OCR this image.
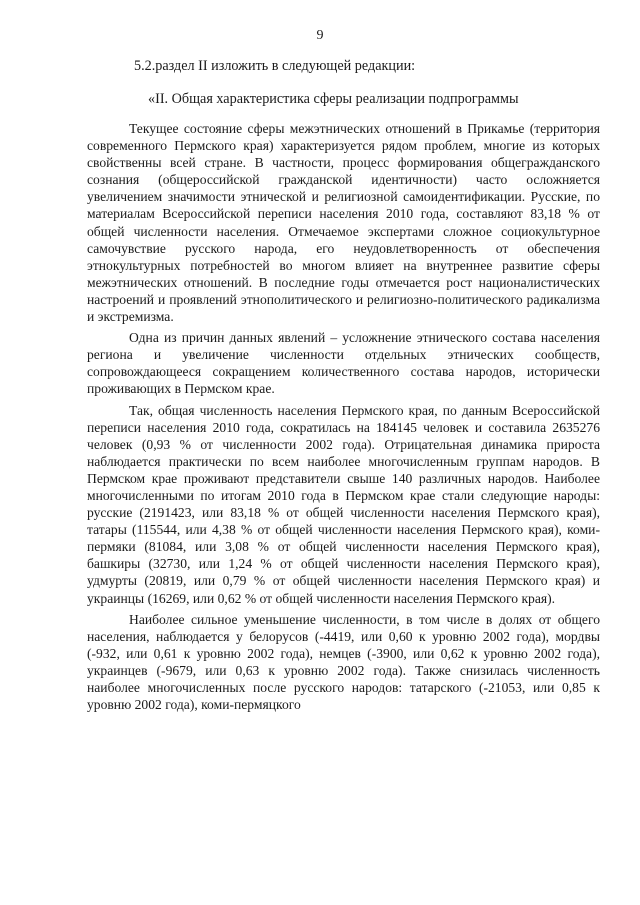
9
5.2.раздел II изложить в следующей редакции:
«II. Общая характеристика сферы реализации подпрограммы

Текущее состояние сферы межэтнических отношений в Прикамье (территория современного Пермского края) характеризуется рядом проблем, многие из которых свойственны всей стране. В частности, процесс формирования общегражданского сознания (общероссийской гражданской идентичности) часто осложняется увеличением значимости этнической и религиозной самоидентификации. Русские, по материалам Всероссийской переписи населения 2010 года, составляют 83,18 % от общей численности населения. Отмечаемое экспертами сложное социокультурное самочувствие русского народа, его неудовлетворенность от обеспечения этнокультурных потребностей во многом влияет на внутреннее развитие сферы межэтнических отношений. В последние годы отмечается рост националистических настроений и проявлений этнополитического и религиозно-политического радикализма и экстремизма.

Одна из причин данных явлений – усложнение этнического состава населения региона и увеличение численности отдельных этнических сообществ, сопровождающееся сокращением количественного состава народов, исторически проживающих в Пермском крае.

Так, общая численность населения Пермского края, по данным Всероссийской переписи населения 2010 года, сократилась на 184145 человек и составила 2635276 человек (0,93 % от численности 2002 года). Отрицательная динамика прироста наблюдается практически по всем наиболее многочисленным группам народов. В Пермском крае проживают представители свыше 140 различных народов. Наиболее многочисленными по итогам 2010 года в Пермском крае стали следующие народы: русские (2191423, или 83,18 % от общей численности населения Пермского края), татары (115544, или 4,38 % от общей численности населения Пермского края), коми-пермяки (81084, или 3,08 % от общей численности населения Пермского края), башкиры (32730, или 1,24 % от общей численности населения Пермского края), удмурты (20819, или 0,79 % от общей численности населения Пермского края) и украинцы (16269, или 0,62 % от общей численности населения Пермского края).

Наиболее сильное уменьшение численности, в том числе в долях от общего населения, наблюдается у белорусов (-4419, или 0,60 к уровню 2002 года), мордвы (-932, или 0,61 к уровню 2002 года), немцев (-3900, или 0,62 к уровню 2002 года), украинцев (-9679, или 0,63 к уровню 2002 года). Также снизилась численность наиболее многочисленных после русского народов: татарского (-21053, или 0,85 к уровню 2002 года), коми-пермяцкого
